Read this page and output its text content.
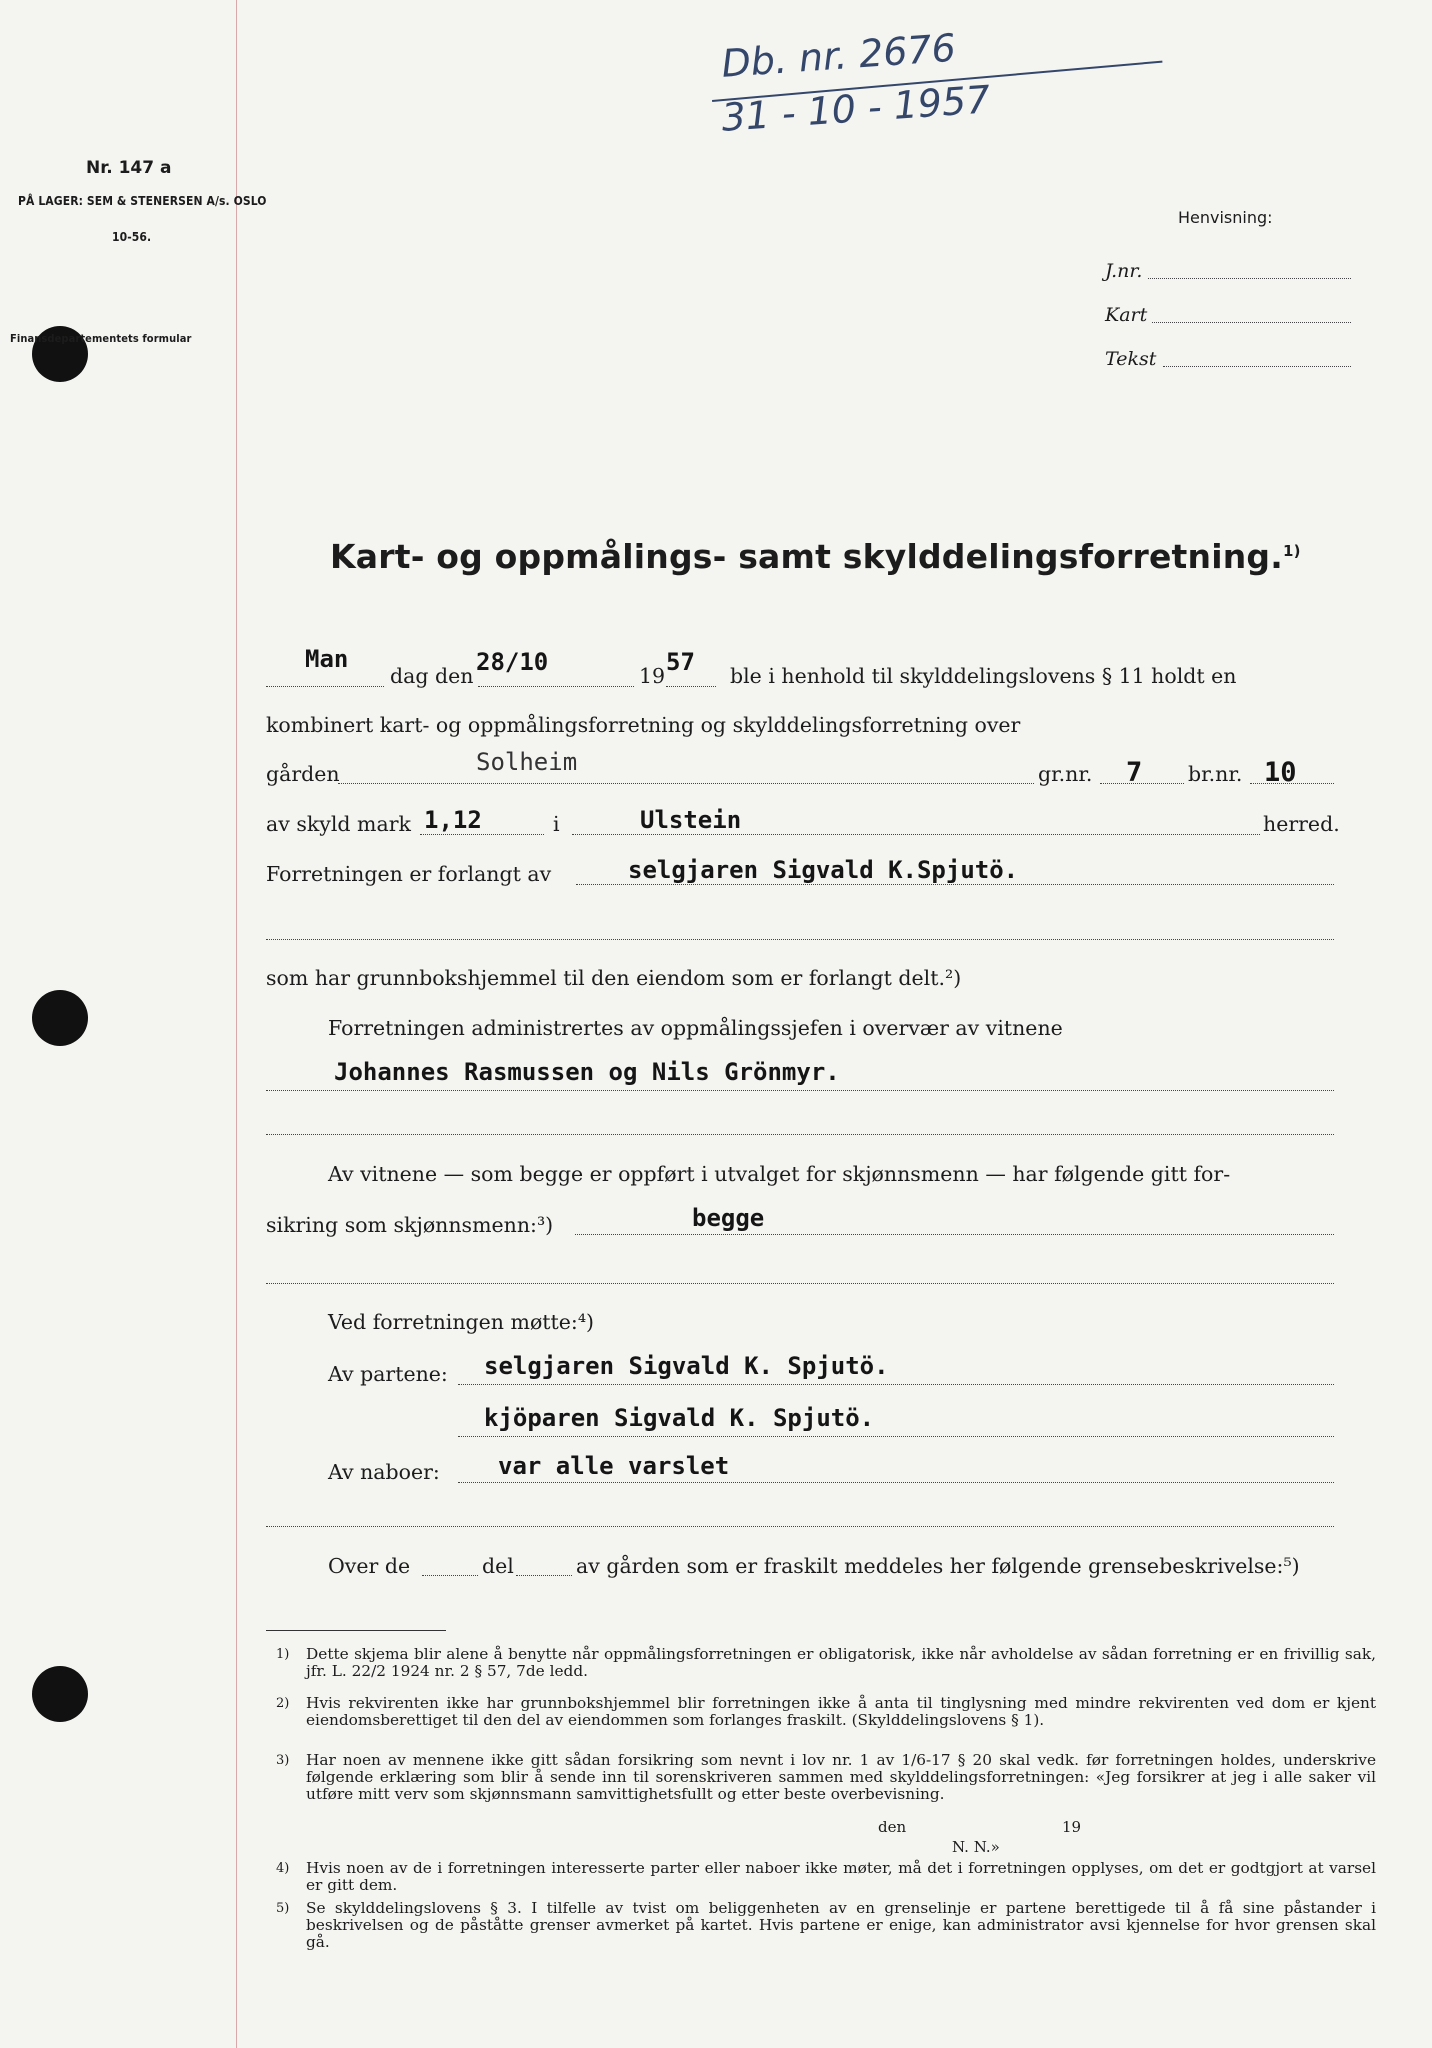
Nr. 147 a
PÅ LAGER: SEM & STENERSEN A/s. OSLO
10-56.
Finansdepartementets formular
Db. nr. 2676
31 - 10 - 1957
Henvisning:
J.nr.
Kart
Tekst
Kart- og oppmålings- samt skylddelingsforretning.$^{1)}$
Man
dag den 28/10	19 57 ble i henhold til skylddelingslovens § 11 holdt en
kombinert kart- og oppmålingsforretning og skylddelingsforretning over
gården	Solheim	gr.nr. 7 br.nr. 10
av skyld mark 1,12	i	Ulstein	herred.
Forretningen er forlangt av	selgjaren Sigvald K.Spjutö.
som har grunnbokshjemmel til den eiendom som er forlangt delt.²)
Forretningen administrertes av oppmålingssjefen i overvær av vitnene
Johannes Rasmussen og Nils Grönmyr.
Av vitnene — som begge er oppført i utvalget for skjønnsmenn — har følgende gitt for-
sikring som skjønnsmenn:³)	begge
Ved forretningen møtte:⁴)
Av partene: selgjaren Sigvald K. Spjutö.
kjöparen Sigvald K. Spjutö.
Av naboer: var alle varslet
Over de	del	av gården som er fraskilt meddeles her følgende grensebeskrivelse:⁵)
1) Dette skjema blir alene å benytte når oppmålingsforretningen er obligatorisk, ikke når avholdelse av sådan forretning er en frivillig sak, jfr. L. 22/2 1924 nr. 2 § 57, 7de ledd.
2) Hvis rekvirenten ikke har grunnbokshjemmel blir forretningen ikke å anta til tinglysning med mindre rekvirenten ved dom er kjent eiendomsberettiget til den del av eiendommen som forlanges fraskilt. (Skylddelingslovens § 1).
3) Har noen av mennene ikke gitt sådan forsikring som nevnt i lov nr. 1 av 1/6-17 § 20 skal vedk. før forretningen holdes, underskrive følgende erklæring som blir å sende inn til sorenskriveren sammen med skylddelingsforretningen: «Jeg forsikrer at jeg i alle saker vil utføre mitt verv som skjønnsmann samvittighetsfullt og etter beste overbevisning.
den	19
N. N.»
4) Hvis noen av de i forretningen interesserte parter eller naboer ikke møter, må det i forretningen opplyses, om det er godtgjort at varsel er gitt dem.
5) Se skylddelingslovens § 3. I tilfelle av tvist om beliggenheten av en grenselinje er partene berettigede til å få sine påstander i beskrivelsen og de påståtte grenser avmerket på kartet. Hvis partene er enige, kan administrator avsi kjennelse for hvor grensen skal gå.
